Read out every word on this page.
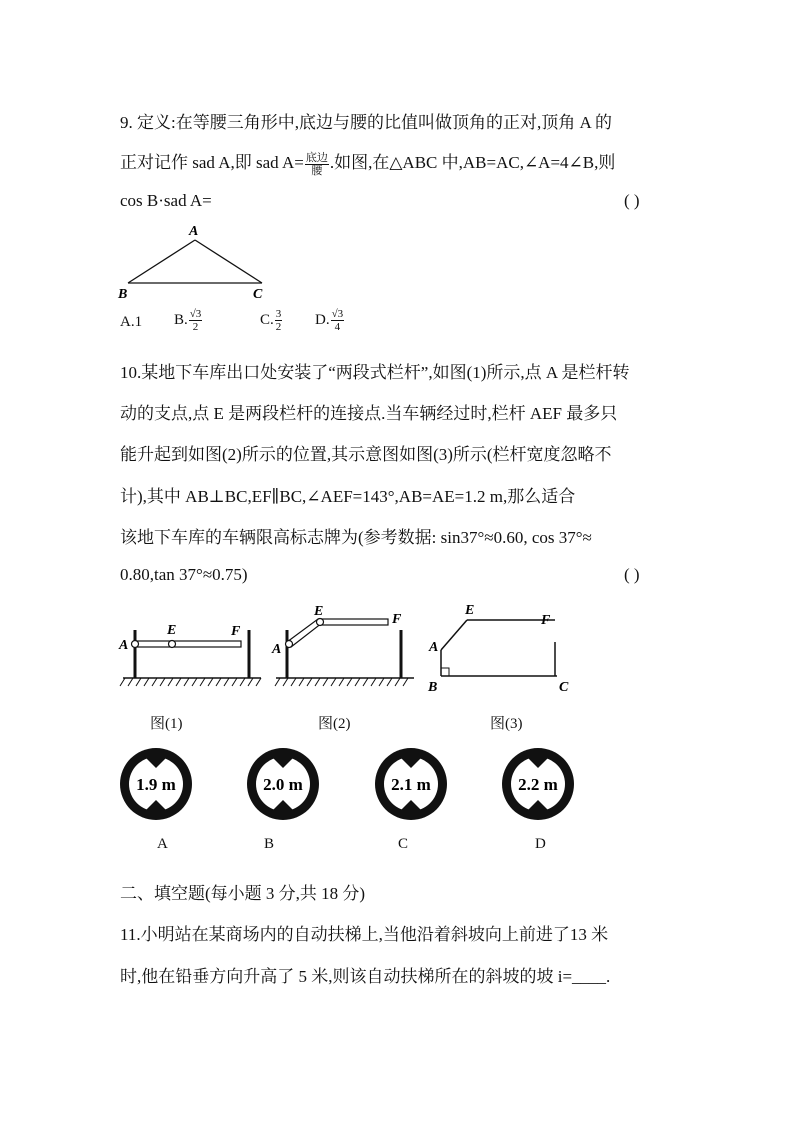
9. 定义:在等腰三角形中,底边与腰的比值叫做顶角的正对,顶角 A 的
正对记作 sad A,即 sad $A= \frac{\text{底边}}{\text{腰}}$ .如图,在△ABC 中,AB=AC,∠A=4∠B,则
cos B·sad A=	( )
A
B	C
A.1 B. $\frac{√3}{2}$	C. $\frac{3}{2} D$. $\frac{√3}{4}$
10.某地下车库出口处安装了“两段式栏杆”,如图(1)所示,点 A 是栏杆转
动的支点,点 E 是两段栏杆的连接点.当车辆经过时,栏杆 AEF 最多只
能升起到如图(2)所示的位置,其示意图如图(3)所示(栏杆宽度忽略不
计),其中 AB⊥BC,EF∥BC,∠AEF=143°,AB=AE=1.2 m,那么适合
该地下车库的车辆限高标志牌为(参考数据: sin37°≈0.60, cos 37°≈
0.80,tan 37°≈0.75)	( )
A
E	F
A
E
F
A
E
F
B	C
图(1)	图(2)	图(3)
1.9 m	2.0 m	2.1 m	2.2 m
A	B	C	D
二、填空题(每小题 3 分,共 18 分)
11.小明站在某商场内的自动扶梯上,当他沿着斜坡向上前进了13 米
时,他在铅垂方向升高了 5 米,则该自动扶梯所在的斜坡的坡 i=____.
